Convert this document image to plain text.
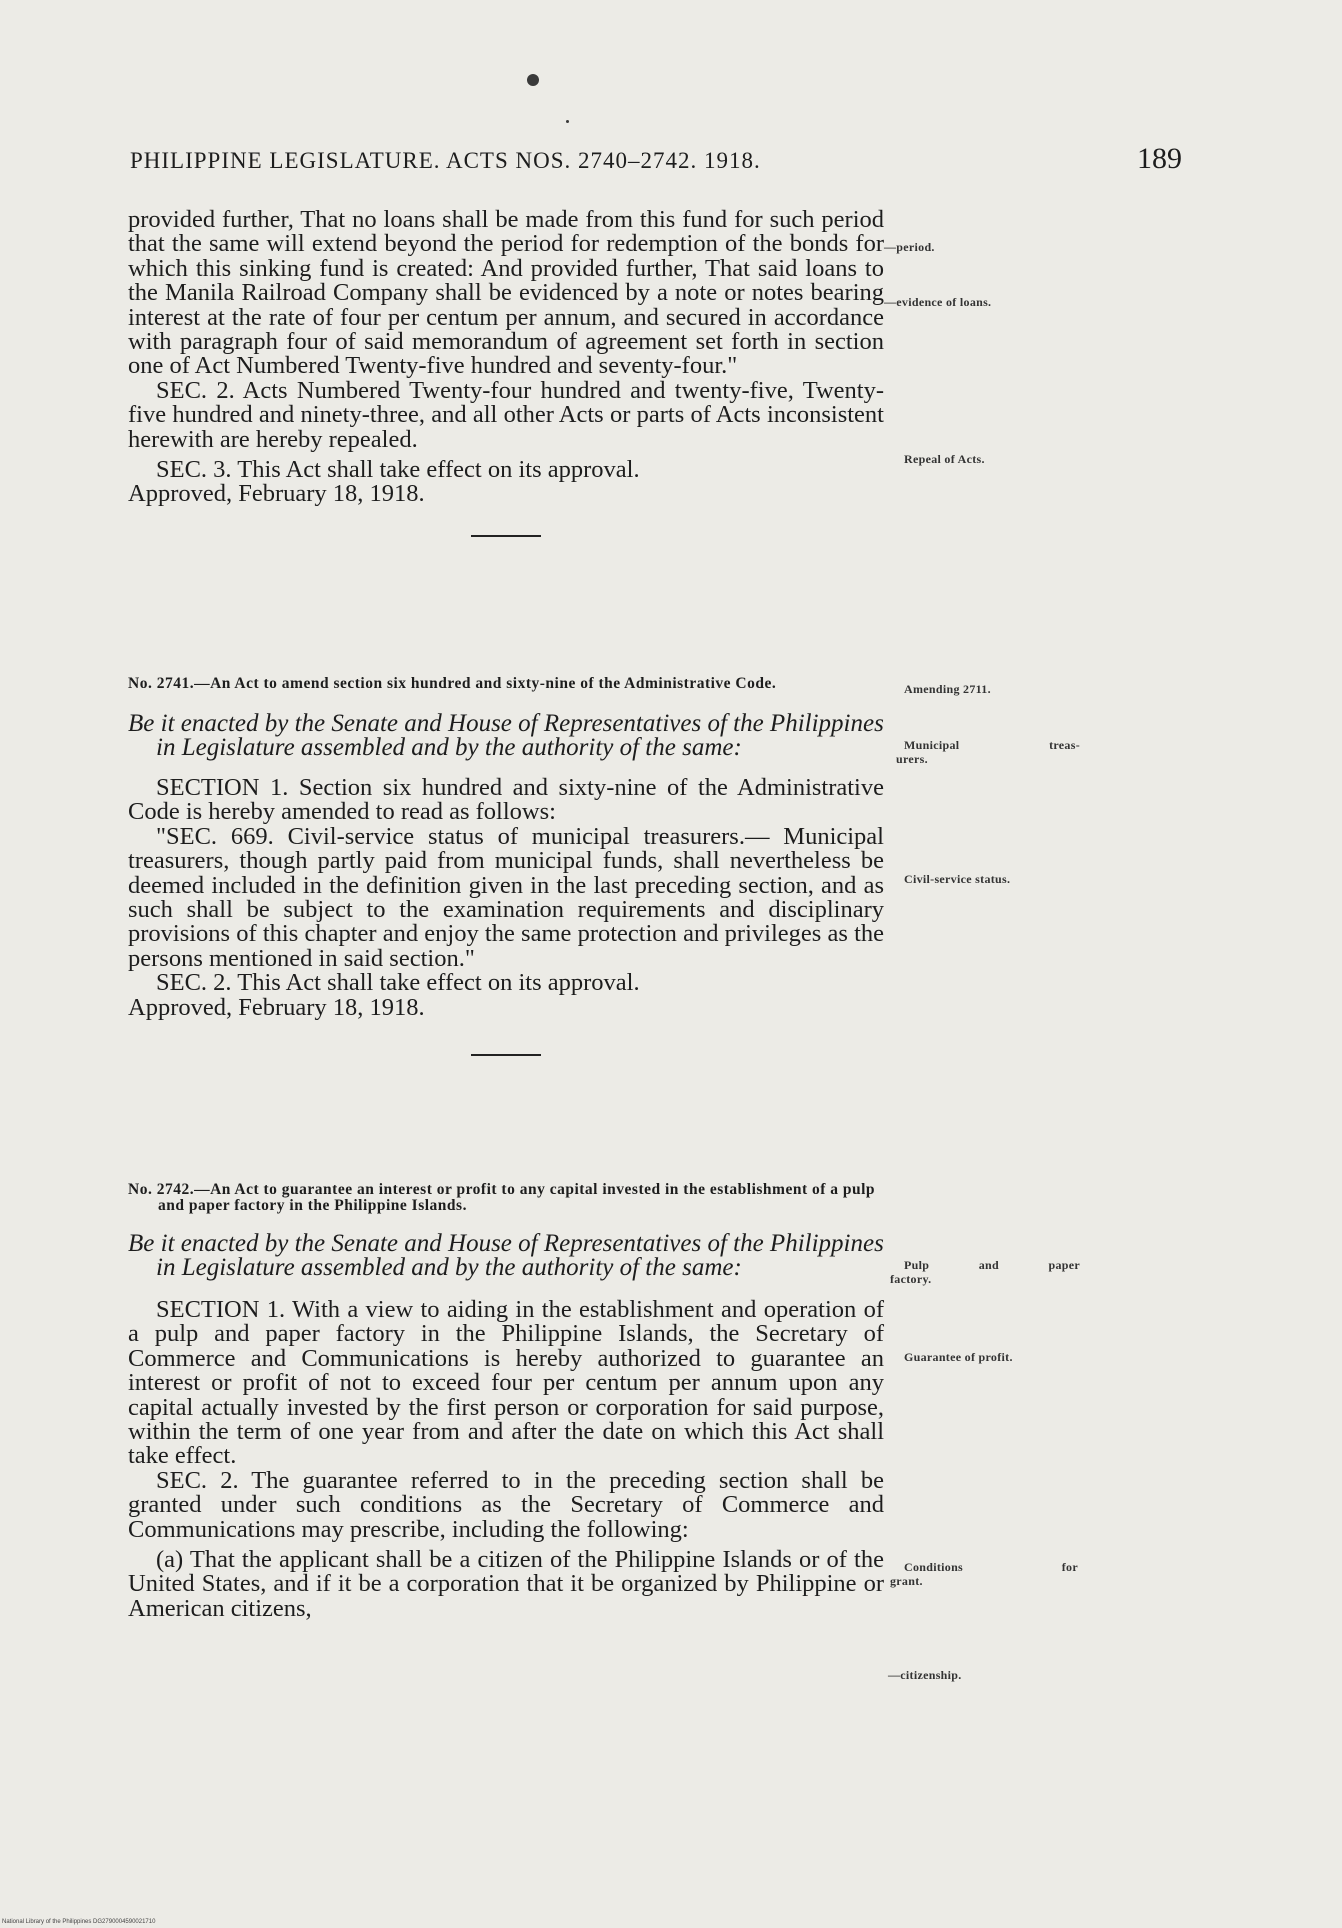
PHILIPPINE LEGISLATURE. ACTS NOS. 2740–2742. 1918.	189

provided further, That no loans shall be made from this fund for such period that the same will extend beyond the period for redemption of the bonds for which this sinking fund is created: And provided further, That said loans to the Manila Railroad Company shall be evidenced by a note or notes bearing interest at the rate of four per centum per annum, and secured in accordance with paragraph four of said memorandum of agreement set forth in section one of Act Numbered Twenty-five hundred and seventy-four."

SEC. 2. Acts Numbered Twenty-four hundred and twenty-five, Twenty-five hundred and ninety-three, and all other Acts or parts of Acts inconsistent herewith are hereby repealed.

SEC. 3. This Act shall take effect on its approval.

Approved, February 18, 1918.

No. 2741.—An Act to amend section six hundred and sixty-nine of the Administrative Code.

Be it enacted by the Senate and House of Representatives of the Philippines in Legislature assembled and by the authority of the same:

SECTION 1. Section six hundred and sixty-nine of the Administrative Code is hereby amended to read as follows:

"SEC. 669. Civil-service status of municipal treasurers.— Municipal treasurers, though partly paid from municipal funds, shall nevertheless be deemed included in the definition given in the last preceding section, and as such shall be subject to the examination requirements and disciplinary provisions of this chapter and enjoy the same protection and privileges as the persons mentioned in said section."

SEC. 2. This Act shall take effect on its approval.

Approved, February 18, 1918.

No. 2742.—An Act to guarantee an interest or profit to any capital invested in the establishment of a pulp and paper factory in the Philippine Islands.

Be it enacted by the Senate and House of Representatives of the Philippines in Legislature assembled and by the authority of the same:

SECTION 1. With a view to aiding in the establishment and operation of a pulp and paper factory in the Philippine Islands, the Secretary of Commerce and Communications is hereby authorized to guarantee an interest or profit of not to exceed four per centum per annum upon any capital actually invested by the first person or corporation for said purpose, within the term of one year from and after the date on which this Act shall take effect.

SEC. 2. The guarantee referred to in the preceding section shall be granted under such conditions as the Secretary of Commerce and Communications may prescribe, including the following:

(a) That the applicant shall be a citizen of the Philippine Islands or of the United States, and if it be a corporation that it be organized by Philippine or American citizens,

—period.
—evidence of loans.
Repeal of Acts.
Amending 2711.
Municipal	treas-
urers.
Civil-service status.
Pulp	and	paper
factory.
Guarantee of profit.
Conditions	for
grant.
—citizenship.
National Library of the Philippines DG2790004590021710
